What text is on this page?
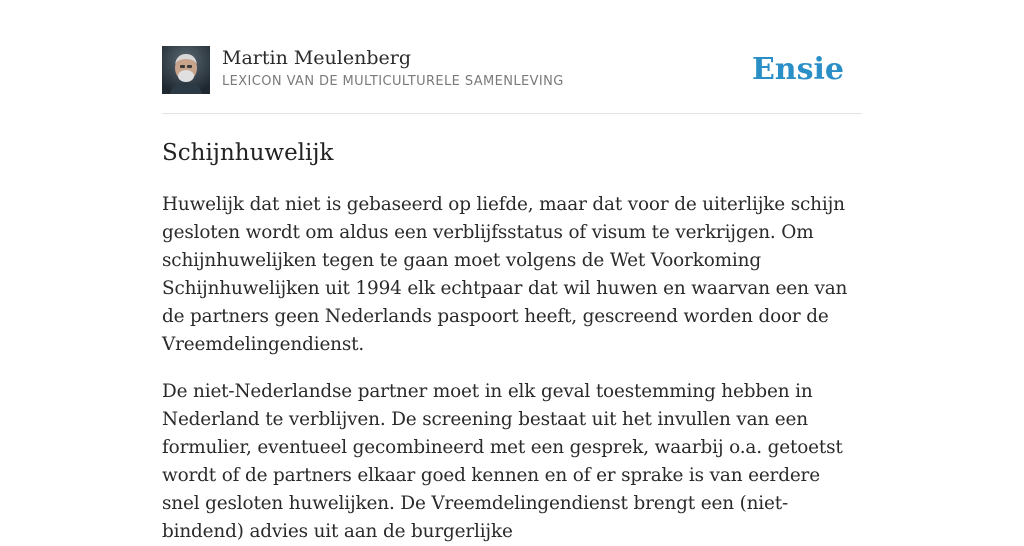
Martin Meulenberg
LEXICON VAN DE MULTICULTURELE SAMENLEVING	Ensie
Schijnhuwelijk

Huwelijk dat niet is gebaseerd op liefde, maar dat voor de uiterlijke schijn gesloten wordt om aldus een verblijfsstatus of visum te verkrijgen. Om schijnhuwelijken tegen te gaan moet volgens de Wet Voorkoming Schijnhuwelijken uit 1994 elk echtpaar dat wil huwen en waarvan een van de partners geen Nederlands paspoort heeft, gescreend worden door de Vreemdelingendienst.

De niet-Nederlandse partner moet in elk geval toestemming hebben in Nederland te verblijven. De screening bestaat uit het invullen van een formulier, eventueel gecombineerd met een gesprek, waarbij o.a. getoetst wordt of de partners elkaar goed kennen en of er sprake is van eerdere snel gesloten huwelijken. De Vreemdelingendienst brengt een (niet-bindend) advies uit aan de burgerlijke
